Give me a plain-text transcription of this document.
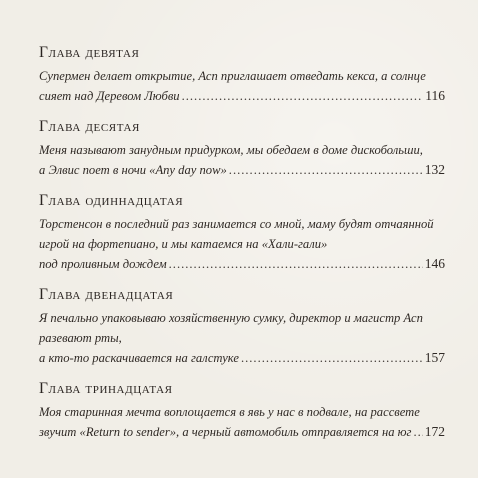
Глава девятая
Супермен делает открытие, Асп приглашает отведать кекса, а солнце
сияет над Деревом Любви .....	116
Глава десятая
Меня называют занудным придурком, мы обедаем в доме дискобольши,
а Элвис поет в ночи «Any day now» .....	132
Глава одиннадцатая
Торстенсон в последний раз занимается со мной, маму будят отчаянной
игрой на фортепиано, и мы катаемся на «Хали-гали»
под проливным дождем .....	146
Глава двенадцатая
Я печально упаковываю хозяйственную сумку, директор и магистр Асп
разевают рты,
а кто-то раскачивается на галстуке .....	157
Глава тринадцатая
Моя старинная мечта воплощается в явь у нас в подвале, на рассвете
звучит «Return to sender», а черный автомобиль отправляется на юг ..... 172
